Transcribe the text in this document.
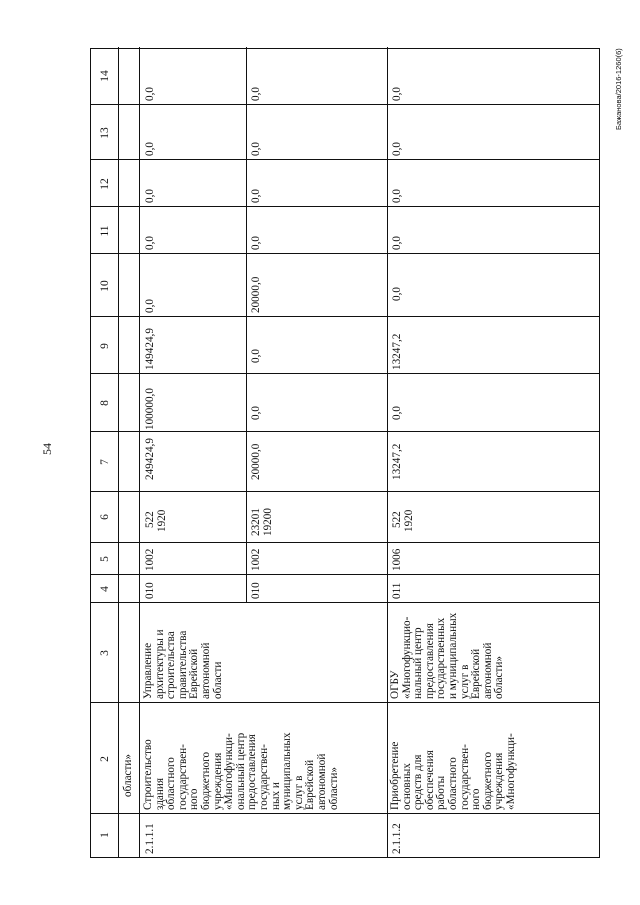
54
1
2
3
4
5
6
7
8
9
10
11
12
13
14
области»
2.1.1.1
Строительство здания областного государствен- ного бюджетного учреждения «Многофункци- ональный центр предоставления государствен- ных и муниципальных услуг в Еврейской автономной области»
Управление архитектуры и строительства правительства Еврейской автономной области
010
1002
522 1920
249424,9
100000,0
149424,9
0,0
0,0
0,0
0,0
0,0
010
1002
23201 19200
20000,0
0,0
0,0
20000,0
0,0
0,0
0,0
0,0
2.1.1.2
Приобретение основных средств для обеспечения работы областного государствен- ного бюджетного учреждения «Многофункци-
ОГБУ «Многофункцио- нальный центр предоставления государственных и муниципальных услуг в Еврейской автономной области»
011
1006
522 1920
13247,2
0,0
13247,2
0,0
0,0
0,0
0,0
0,0	Бажанова/2016-1260(6)
